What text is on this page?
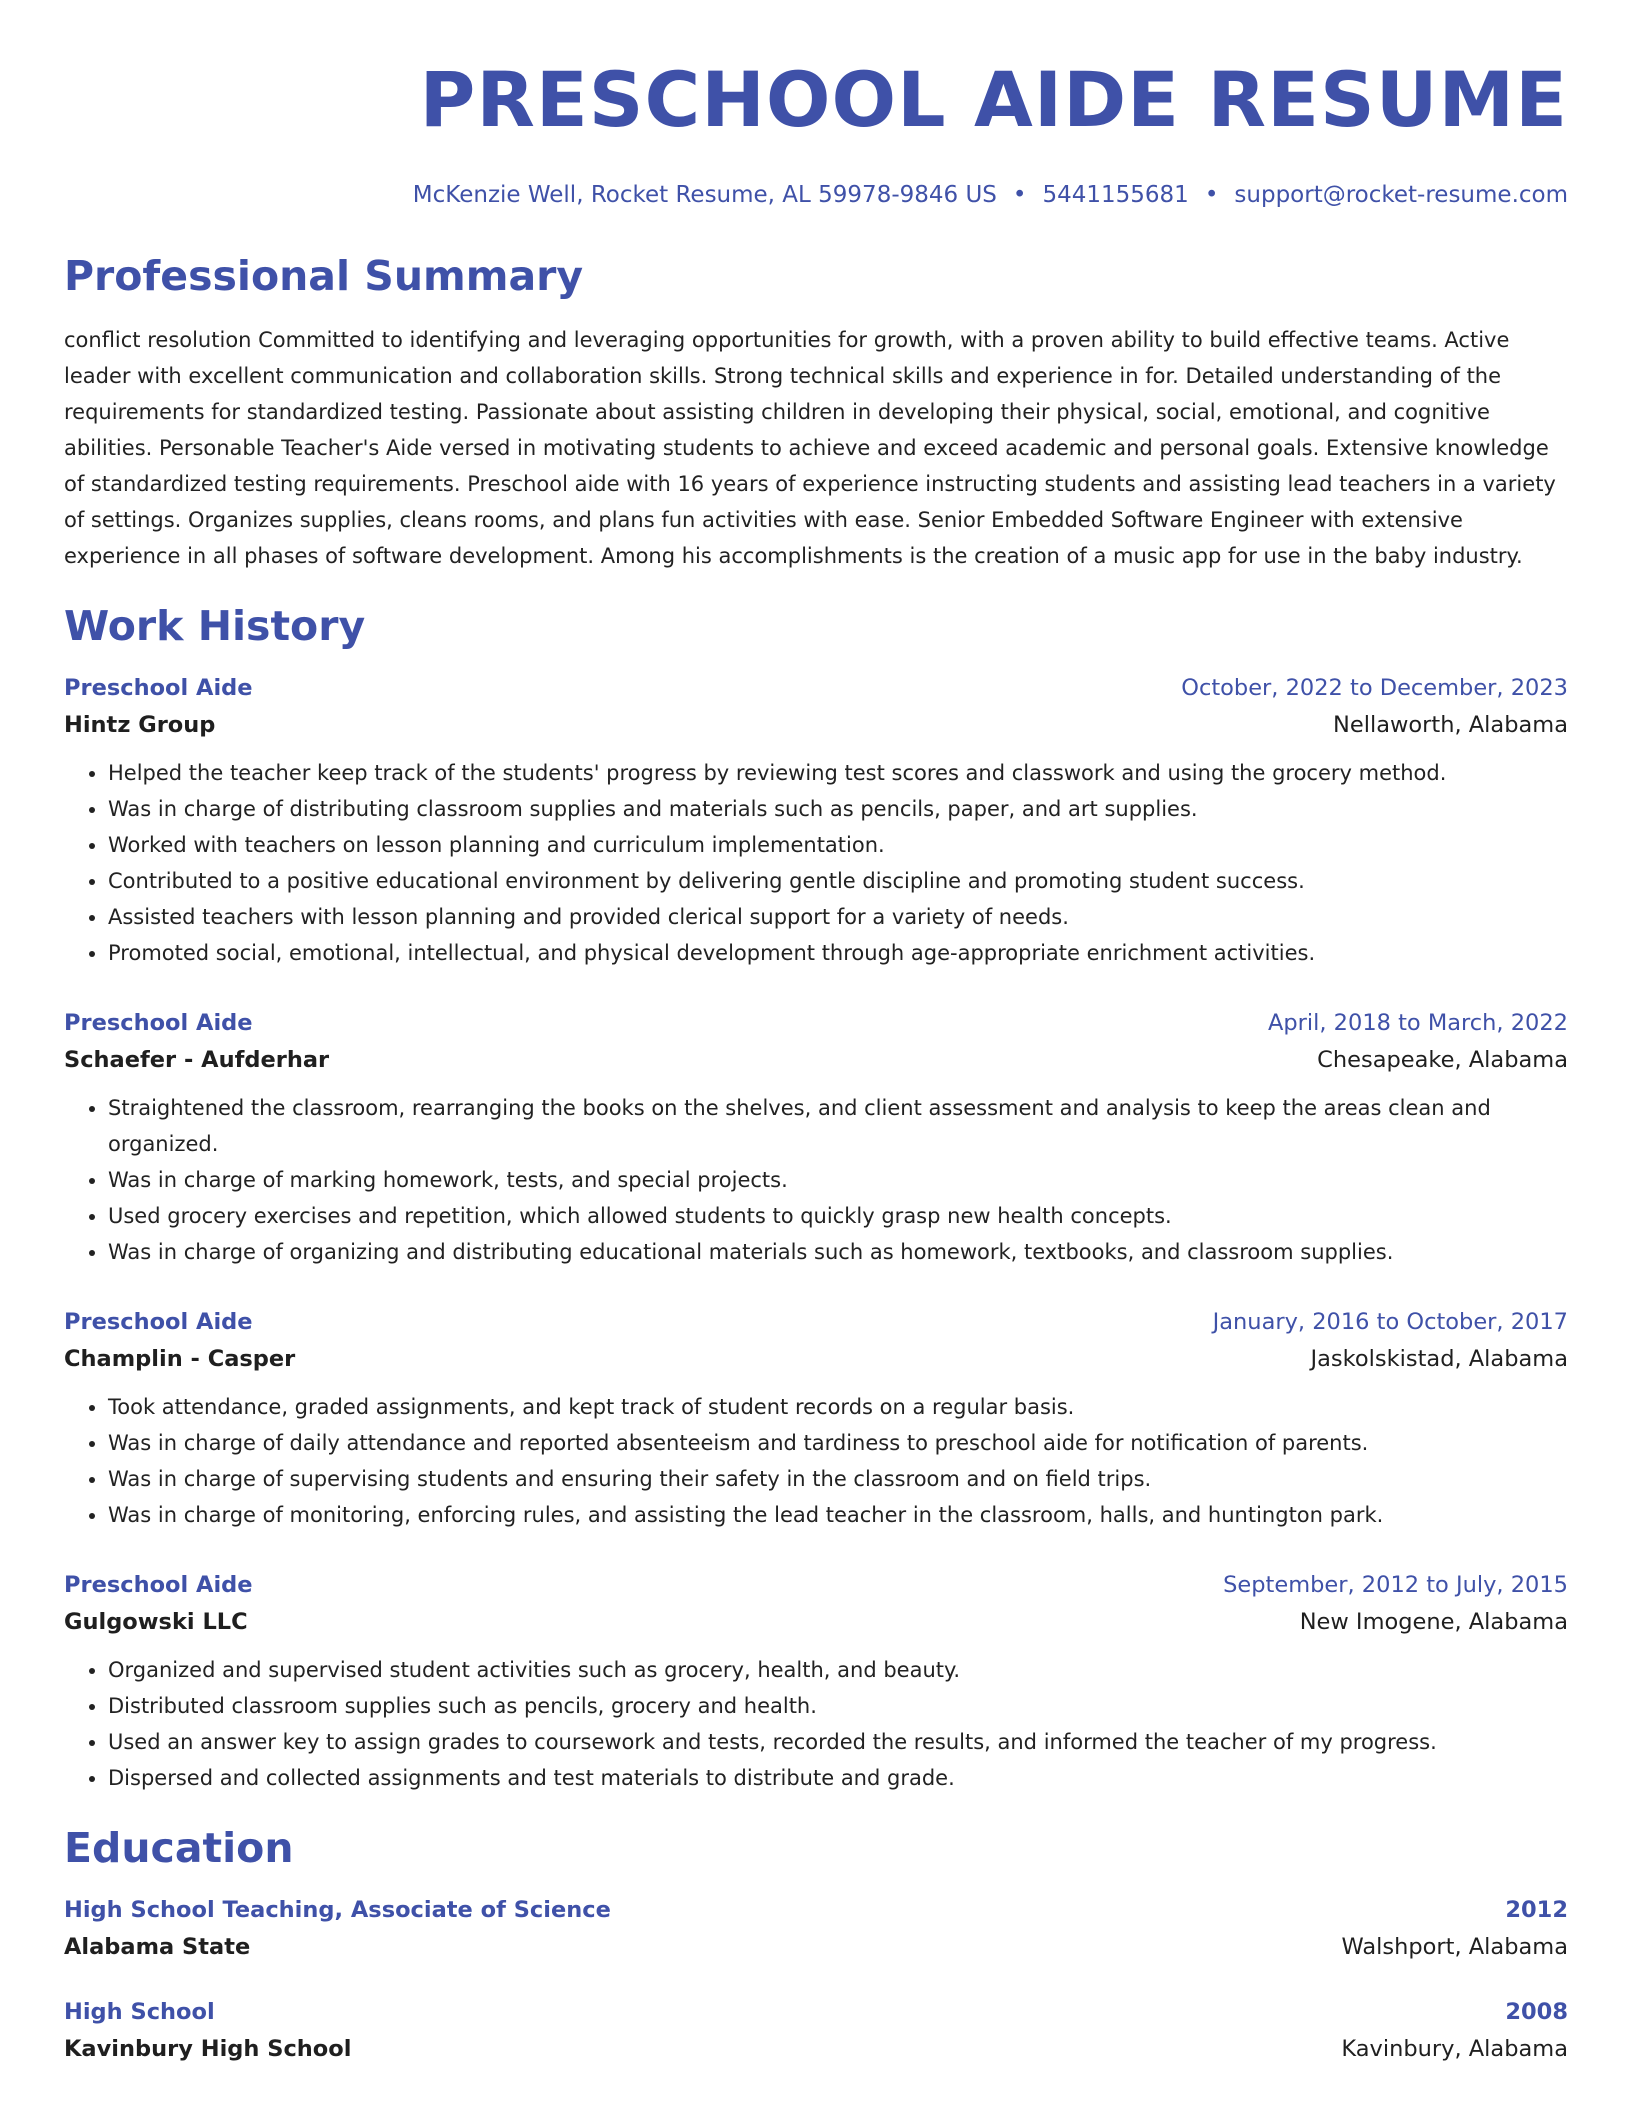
PRESCHOOL AIDE RESUME
McKenzie Well, Rocket Resume, AL 59978-9846 US • 5441155681 • support@rocket-resume.com
Professional Summary

conflict resolution Committed to identifying and leveraging opportunities for growth, with a proven ability to build effective teams. Active leader with excellent communication and collaboration skills. Strong technical skills and experience in for. Detailed understanding of the requirements for standardized testing. Passionate about assisting children in developing their physical, social, emotional, and cognitive abilities. Personable Teacher's Aide versed in motivating students to achieve and exceed academic and personal goals. Extensive knowledge of standardized testing requirements. Preschool aide with 16 years of experience instructing students and assisting lead teachers in a variety of settings. Organizes supplies, cleans rooms, and plans fun activities with ease. Senior Embedded Software Engineer with extensive experience in all phases of software development. Among his accomplishments is the creation of a music app for use in the baby industry.

Work History
Preschool Aide	October, 2022 to December, 2023
Hintz Group	Nellaworth, Alabama
• Helped the teacher keep track of the students' progress by reviewing test scores and classwork and using the grocery method.
• Was in charge of distributing classroom supplies and materials such as pencils, paper, and art supplies.
• Worked with teachers on lesson planning and curriculum implementation.
• Contributed to a positive educational environment by delivering gentle discipline and promoting student success.
• Assisted teachers with lesson planning and provided clerical support for a variety of needs.
• Promoted social, emotional, intellectual, and physical development through age-appropriate enrichment activities.
Preschool Aide	April, 2018 to March, 2022
Schaefer - Aufderhar	Chesapeake, Alabama
• Straightened the classroom, rearranging the books on the shelves, and client assessment and analysis to keep the areas clean and organized.
• Was in charge of marking homework, tests, and special projects.
• Used grocery exercises and repetition, which allowed students to quickly grasp new health concepts.
• Was in charge of organizing and distributing educational materials such as homework, textbooks, and classroom supplies.
Preschool Aide	January, 2016 to October, 2017
Champlin - Casper	Jaskolskistad, Alabama
• Took attendance, graded assignments, and kept track of student records on a regular basis.
• Was in charge of daily attendance and reported absenteeism and tardiness to preschool aide for notification of parents.
• Was in charge of supervising students and ensuring their safety in the classroom and on field trips.
• Was in charge of monitoring, enforcing rules, and assisting the lead teacher in the classroom, halls, and huntington park.
Preschool Aide	September, 2012 to July, 2015
Gulgowski LLC	New Imogene, Alabama
• Organized and supervised student activities such as grocery, health, and beauty.
• Distributed classroom supplies such as pencils, grocery and health.
• Used an answer key to assign grades to coursework and tests, recorded the results, and informed the teacher of my progress.
• Dispersed and collected assignments and test materials to distribute and grade.
Education
High School Teaching, Associate of Science	2012
Alabama State	Walshport, Alabama
High School	2008
Kavinbury High School	Kavinbury, Alabama
